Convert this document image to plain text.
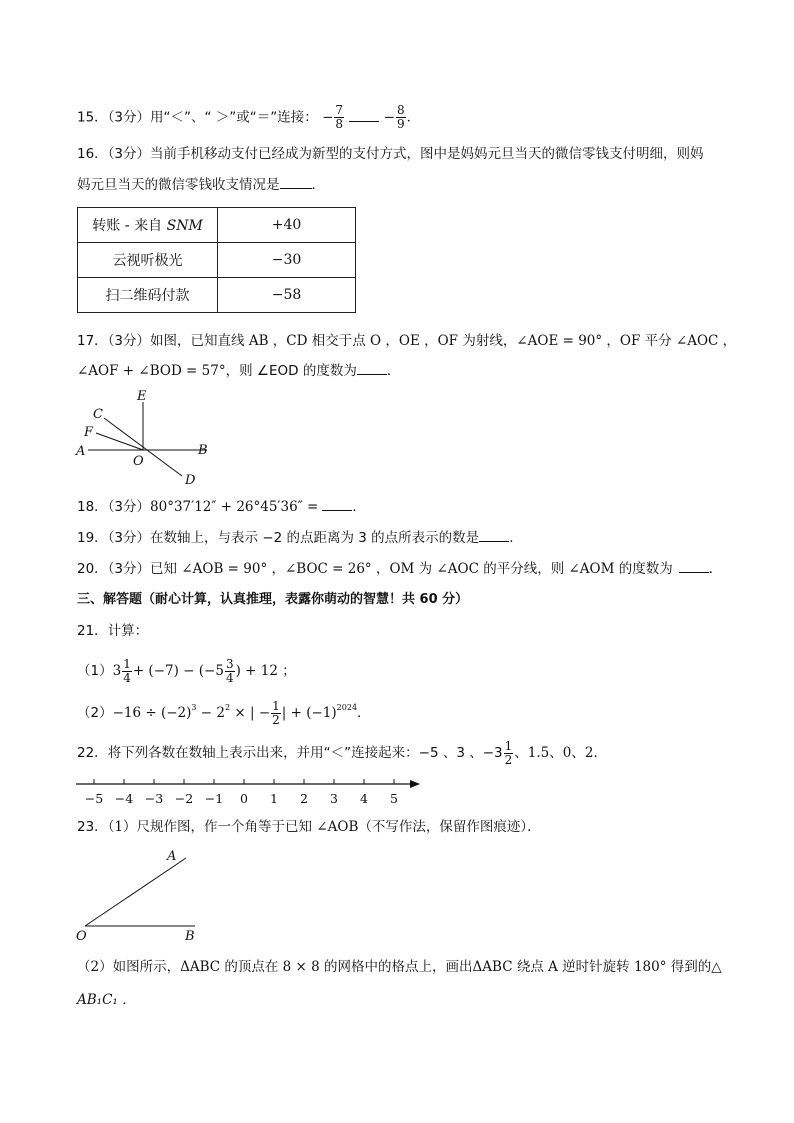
15．（3分）用“＜”、“ ＞”或“＝”连接： − $\frac{7}{8}$	− $\frac{8}{9}$ ．
16．（3分）当前手机移动支付已经成为新型的支付方式，图中是妈妈元旦当天的微信零钱支付明细，则妈
妈元旦当天的微信零钱收支情况是 ．
转账 - 来自 SNM	+40
云视听极光	−30
扫二维码付款	−58
17．（3分）如图，已知直线 AB ，CD 相交于点 O ，OE ，OF 为射线，∠AOE = 90° ，OF 平分 ∠AOC ，
∠AOF + ∠BOD = 57°，则 ∠EOD 的度数为 ．
E
C
F
A
O
B
D
18．（3分）80°37′12″ + 26°45′36″ =	．
19．（3分）在数轴上，与表示 −2 的点距离为 3 的点所表示的数是 ．
20．（3分）已知 ∠AOB = 90° ，∠BOC = 26° ，OM 为 ∠AOC 的平分线，则 ∠AOM 的度数为	．
三、解答题（耐心计算，认真推理，表露你萌动的智慧！共 60 分）
21．计算：
$(1)3 \frac{1}{4} + (-7) - (-5 \frac{3}{4}$ ) + 12 ；
$(2)-16 \div (-2)^3 - 2^2$ × | − $\frac{1}{2}$ | + $(-1)^{2024}$．
22．将下列各数在数轴上表示出来，并用“＜”连接起来：−5 、3 、$-3 \frac{1}{2}$ 、1.5、0、2．
−5 −4 −3 −2 −1 0 1 2 3 4 5
23．（1）尺规作图，作一个角等于已知 ∠AOB（不写作法，保留作图痕迹）．
A
O	B
（2）如图所示，ΔABC 的顶点在 8 × 8 的网格中的格点上，画出ΔABC 绕点 A 逆时针旋转 180° 得到的△
AB₁C₁ ．
